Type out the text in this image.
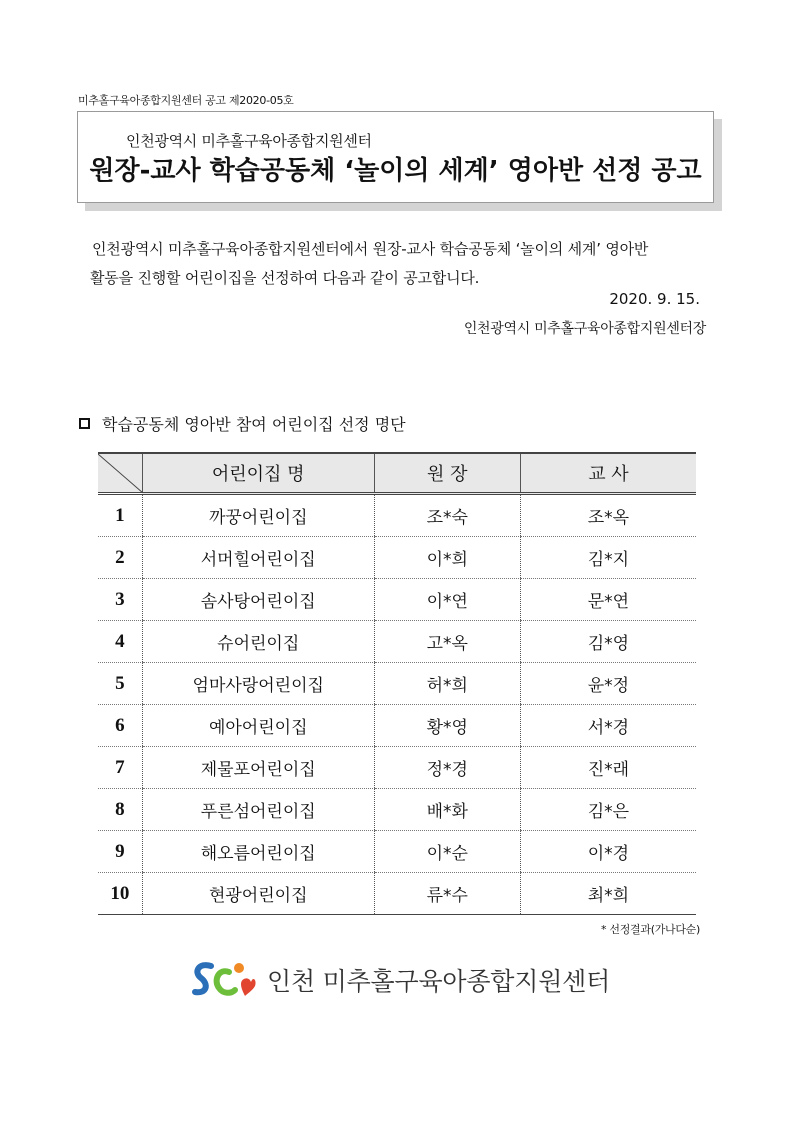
미추홀구육아종합지원센터 공고 제2020-05호
인천광역시 미추홀구육아종합지원센터
원장-교사 학습공동체 ‘놀이의 세계’ 영아반 선정 공고
인천광역시 미추홀구육아종합지원센터에서 원장-교사 학습공동체 ‘놀이의 세계’ 영아반
활동을 진행할 어린이집을 선정하여 다음과 같이 공고합니다.
2020. 9. 15.
인천광역시 미추홀구육아종합지원센터장
학습공동체 영아반 참여 어린이집 선정 명단
	어린이집 명	원 장	교 사
1	까꿍어린이집	조*숙	조*옥
2	서머힐어린이집	이*희	김*지
3	솜사탕어린이집	이*연	문*연
4	슈어린이집	고*옥	김*영
5	엄마사랑어린이집	허*희	윤*정
6	예아어린이집	황*영	서*경
7	제물포어린이집	정*경	진*래
8	푸른섬어린이집	배*화	김*은
9	해오름어린이집	이*순	이*경
10	현광어린이집	류*수	최*희
* 선정결과(가나다순)
인천 미추홀구육아종합지원센터
